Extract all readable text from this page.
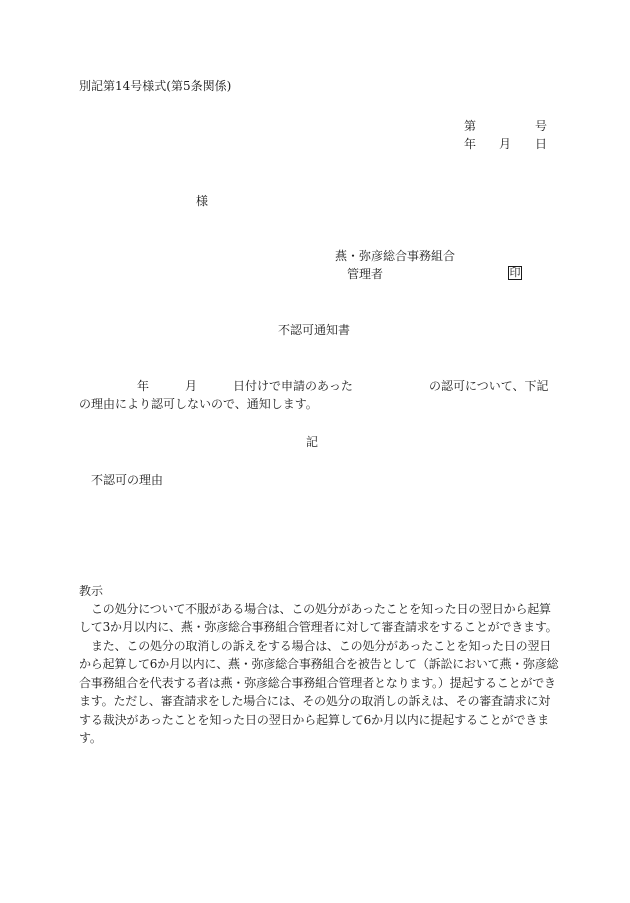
別記第14号様式(第5条関係)
第	号
年 月 日
様
燕・弥彦総合事務組合
管理者	印
不認可通知書
年	月	日付けで申請のあった	の認可について、下記
の理由により認可しないので、通知します。
記
不認可の理由
教示
この処分について不服がある場合は、この処分があったことを知った日の翌日から起算
して3か月以内に、燕・弥彦総合事務組合管理者に対して審査請求をすることができます。
また、この処分の取消しの訴えをする場合は、この処分があったことを知った日の翌日
から起算して6か月以内に、燕・弥彦総合事務組合を被告として（訴訟において燕・弥彦総
合事務組合を代表する者は燕・弥彦総合事務組合管理者となります。）提起することができ
ます。ただし、審査請求をした場合には、その処分の取消しの訴えは、その審査請求に対
する裁決があったことを知った日の翌日から起算して6か月以内に提起することができま
す。
